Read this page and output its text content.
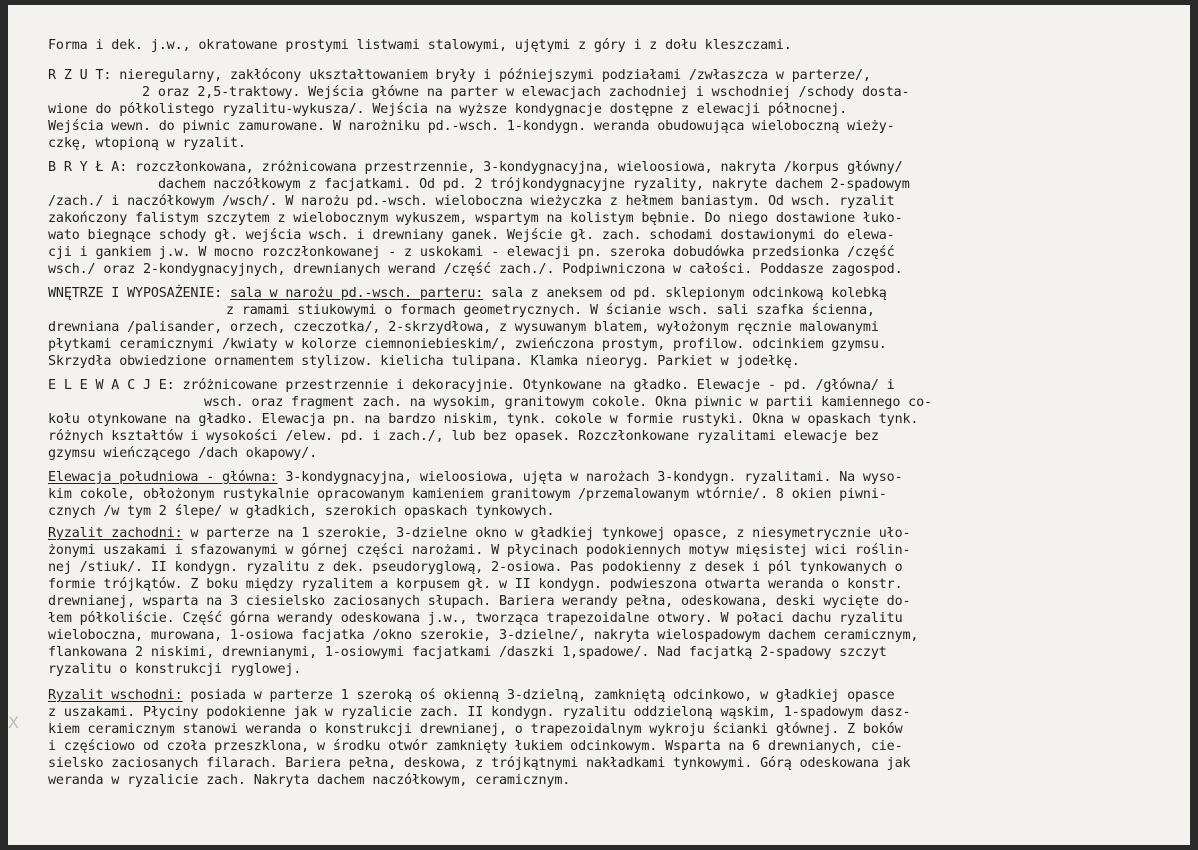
Forma i dek. j.w., okratowane prostymi listwami stalowymi, ujętymi z góry i z dołu kleszczami.
R Z U T: nieregularny, zakłócony ukształtowaniem bryły i późniejszymi podziałami /zwłaszcza w parterze/,
2 oraz 2,5-traktowy. Wejścia główne na parter w elewacjach zachodniej i wschodniej /schody dosta-
wione do półkolistego ryzalitu-wykusza/. Wejścia na wyższe kondygnacje dostępne z elewacji północnej.
Wejścia wewn. do piwnic zamurowane. W narożniku pd.-wsch. 1-kondygn. weranda obudowująca wieloboczną wieży-
czkę, wtopioną w ryzalit.
B R Y Ł A: rozczłonkowana, zróżnicowana przestrzennie, 3-kondygnacyjna, wieloosiowa, nakryta /korpus główny/
dachem naczółkowym z facjatkami. Od pd. 2 trójkondygnacyjne ryzality, nakryte dachem 2-spadowym
/zach./ i naczółkowym /wsch/. W narożu pd.-wsch. wieloboczna wieżyczka z hełmem baniastym. Od wsch. ryzalit
zakończony falistym szczytem z wielobocznym wykuszem, wspartym na kolistym bębnie. Do niego dostawione łuko-
wato biegnące schody gł. wejścia wsch. i drewniany ganek. Wejście gł. zach. schodami dostawionymi do elewa-
cji i gankiem j.w. W mocno rozczłonkowanej - z uskokami - elewacji pn. szeroka dobudówka przedsionka /część
wsch./ oraz 2-kondygnacyjnych, drewnianych werand /część zach./. Podpiwniczona w całości. Poddasze zagospod.
WNĘTRZE I WYPOSAŻENIE: sala w narożu pd.-wsch. parteru: sala z aneksem od pd. sklepionym odcinkową kolebką
z ramami stiukowymi o formach geometrycznych. W ścianie wsch. sali szafka ścienna,
drewniana /palisander, orzech, czeczotka/, 2-skrzydłowa, z wysuwanym blatem, wyłożonym ręcznie malowanymi
płytkami ceramicznymi /kwiaty w kolorze ciemnoniebieskim/, zwieńczona prostym, profilow. odcinkiem gzymsu.
Skrzydła obwiedzione ornamentem stylizow. kielicha tulipana. Klamka nieoryg. Parkiet w jodełkę.
E L E W A C J E: zróżnicowane przestrzennie i dekoracyjnie. Otynkowane na gładko. Elewacje - pd. /główna/ i
wsch. oraz fragment zach. na wysokim, granitowym cokole. Okna piwnic w partii kamiennego co-
kołu otynkowane na gładko. Elewacja pn. na bardzo niskim, tynk. cokole w formie rustyki. Okna w opaskach tynk.
różnych kształtów i wysokości /elew. pd. i zach./, lub bez opasek. Rozczłonkowane ryzalitami elewacje bez
gzymsu wieńczącego /dach okapowy/.
Elewacja południowa - główna: 3-kondygnacyjna, wieloosiowa, ujęta w narożach 3-kondygn. ryzalitami. Na wyso-
kim cokole, obłożonym rustykalnie opracowanym kamieniem granitowym /przemalowanym wtórnie/. 8 okien piwni-
cznych /w tym 2 ślepe/ w gładkich, szerokich opaskach tynkowych.
Ryzalit zachodni: w parterze na 1 szerokie, 3-dzielne okno w gładkiej tynkowej opasce, z niesymetrycznie uło-
żonymi uszakami i sfazowanymi w górnej części narożami. W płycinach podokiennych motyw mięsistej wici roślin-
nej /stiuk/. II kondygn. ryzalitu z dek. pseudoryglową, 2-osiowa. Pas podokienny z desek i pól tynkowanych o
formie trójkątów. Z boku między ryzalitem a korpusem gł. w II kondygn. podwieszona otwarta weranda o konstr.
drewnianej, wsparta na 3 ciesielsko zaciosanych słupach. Bariera werandy pełna, odeskowana, deski wycięte do-
łem półkoliście. Część górna werandy odeskowana j.w., tworząca trapezoidalne otwory. W połaci dachu ryzalitu
wieloboczna, murowana, 1-osiowa facjatka /okno szerokie, 3-dzielne/, nakryta wielospadowym dachem ceramicznym,
flankowana 2 niskimi, drewnianymi, 1-osiowymi facjatkami /daszki 1,spadowe/. Nad facjatką 2-spadowy szczyt
ryzalitu o konstrukcji ryglowej.
Ryzalit wschodni: posiada w parterze 1 szeroką oś okienną 3-dzielną, zamkniętą odcinkowo, w gładkiej opasce
z uszakami. Płyciny podokienne jak w ryzalicie zach. II kondygn. ryzalitu oddzieloną wąskim, 1-spadowym dasz-
kiem ceramicznym stanowi weranda o konstrukcji drewnianej, o trapezoidalnym wykroju ścianki głównej. Z boków
i częściowo od czoła przeszklona, w środku otwór zamknięty łukiem odcinkowym. Wsparta na 6 drewnianych, cie-
sielsko zaciosanych filarach. Bariera pełna, deskowa, z trójkątnymi nakładkami tynkowymi. Górą odeskowana jak
weranda w ryzalicie zach. Nakryta dachem naczółkowym, ceramicznym.
X
